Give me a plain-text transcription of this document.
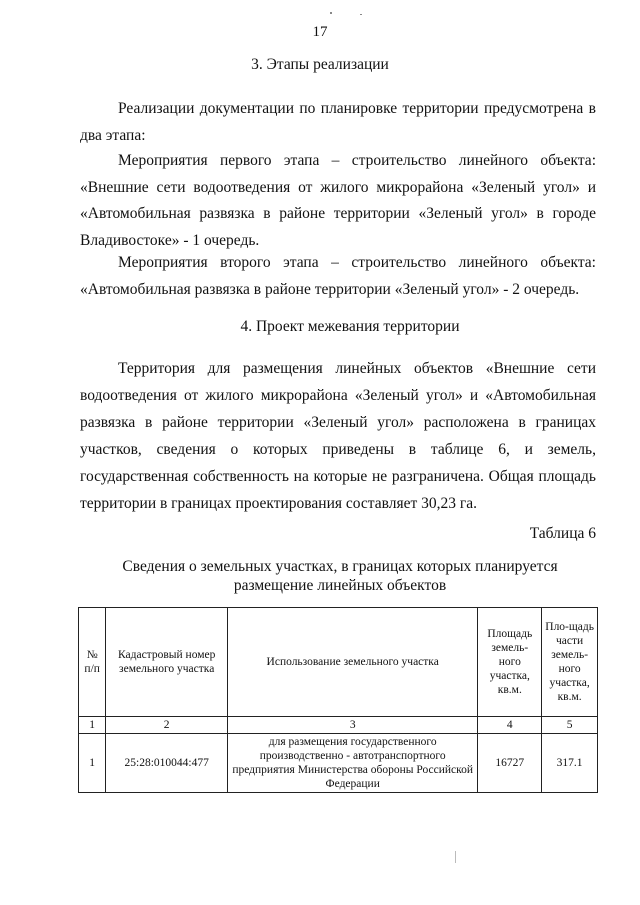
17
3. Этапы реализации

Реализации документации по планировке территории предусмотрена в два этапа:

Мероприятия первого этапа – строительство линейного объекта: «Внешние сети водоотведения от жилого микрорайона «Зеленый угол» и «Автомобильная развязка в районе территории «Зеленый угол» в городе Владивостоке» - 1 очередь.

Мероприятия второго этапа – строительство линейного объекта: «Автомобильная развязка в районе территории «Зеленый угол» - 2 очередь.

4. Проект межевания территории

Территория для размещения линейных объектов «Внешние сети водоотведения от жилого микрорайона «Зеленый угол» и «Автомобильная развязка в районе территории «Зеленый угол» расположена в границах участков, сведения о которых приведены в таблице 6, и земель, государственная собственность на которые не разграничена. Общая площадь территории в границах проектирования составляет 30,23 га.

Таблица 6
Сведения о земельных участках, в границах которых планируется размещение линейных объектов
№ п/п	Кадастровый номер земельного участка	Использование земельного участка	Площадь земель-ного участка, кв.м.	Пло-щадь части земель-ного участка, кв.м.
1	2	3	4	5
1	25:28:010044:477	для размещения государственного производственно - автотранспортного предприятия Министерства обороны Российской Федерации	16727	317.1
